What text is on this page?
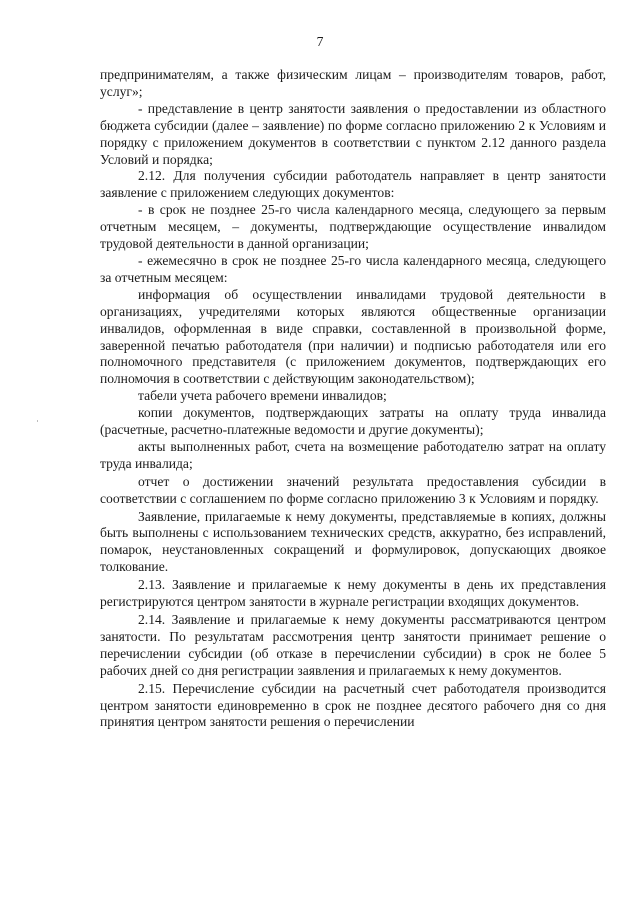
7

предпринимателям, а также физическим лицам – производителям товаров, работ, услуг»;

- представление в центр занятости заявления о предоставлении из областного бюджета субсидии (далее – заявление) по форме согласно приложению 2 к Условиям и порядку с приложением документов в соответствии с пунктом 2.12 данного раздела Условий и порядка;

2.12. Для получения субсидии работодатель направляет в центр занятости заявление с приложением следующих документов:

- в срок не позднее 25-го числа календарного месяца, следующего за первым отчетным месяцем, – документы, подтверждающие осуществление инвалидом трудовой деятельности в данной организации;

- ежемесячно в срок не позднее 25-го числа календарного месяца, следующего за отчетным месяцем:

информация об осуществлении инвалидами трудовой деятельности в организациях, учредителями которых являются общественные организации инвалидов, оформленная в виде справки, составленной в произвольной форме, заверенной печатью работодателя (при наличии) и подписью работодателя или его полномочного представителя (с приложением документов, подтверждающих его полномочия в соответствии с действующим законодательством);

табели учета рабочего времени инвалидов;

копии документов, подтверждающих затраты на оплату труда инвалида (расчетные, расчетно-платежные ведомости и другие документы);

акты выполненных работ, счета на возмещение работодателю затрат на оплату труда инвалида;

отчет о достижении значений результата предоставления субсидии в соответствии с соглашением по форме согласно приложению 3 к Условиям и порядку.

Заявление, прилагаемые к нему документы, представляемые в копиях, должны быть выполнены с использованием технических средств, аккуратно, без исправлений, помарок, неустановленных сокращений и формулировок, допускающих двоякое толкование.

2.13. Заявление и прилагаемые к нему документы в день их представления регистрируются центром занятости в журнале регистрации входящих документов.

2.14. Заявление и прилагаемые к нему документы рассматриваются центром занятости. По результатам рассмотрения центр занятости принимает решение о перечислении субсидии (об отказе в перечислении субсидии) в срок не более 5 рабочих дней со дня регистрации заявления и прилагаемых к нему документов.

2.15. Перечисление субсидии на расчетный счет работодателя производится центром занятости единовременно в срок не позднее десятого рабочего дня со дня принятия центром занятости решения о перечислении
